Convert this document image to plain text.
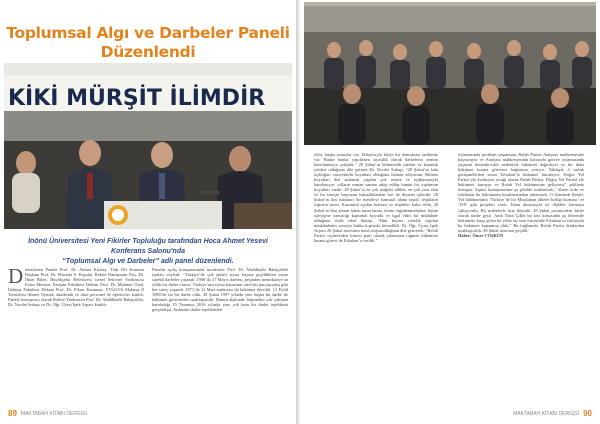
Toplumsal Algı ve Darbeler Paneli
Düzenlendi
KİKİ MÜRŞİT İLİMDİR
İnönü Üniversitesi Yeni Fikirler Topluluğu tarafından Hoca Ahmet Yesevi Konferans Salonu'nda
“Toplumsal Algı ve Darbeler” adlı panel düzenlendi.

Düzenlenen Panele Prof. Dr. Ahmet Kızılay, Türk Dil Kurumu Başkanı Prof. Dr. Mustafa S. Kaçalın, Rektör Danışmanı Doç. Dr. İlhan Bilen, Büyükşehir Belediyesi Genel Sekreter Yardımcısı Ertan Munzur, İletişim Fakültesi Dekanı Prof. Dr. Mahmut Önal, İlahiyat Fakültesi Dekanı Prof. Dr. Fikret Karaman, YTÜGVA Malatya İl Temsilcisi Ahmet Oymak, akademik ve idari personel ile öğrenciler katıldı. Panele konuşmacı olarak Rektör Yardımcısı Prof. Dr. Abdülkadir Babaçelebi, Dr. Necdet Subaşı ve Dr. Öğr. Üyesi İpek Arpacı katıldı.

Panelin açılış konuşmasında moderatör Prof. Dr. Abdülkadir Babaçelebi şunları söyledi: “Türkiye’de çok partili siyasi hayata geçildikten sonra sürekli darbeler yaşandı. 1960’da 27 Mayıs darbesi, peşinden memduraye on yıllık bir darbe oluyor. Türkiye’nin siyasi hayatının canlı bir parçasıymış gibi her süreç yaşandı. 1971’de 12 Mart muhtırası ile hükümet devrildi. 12 Eylül 1980’de ise bir darbe oldu. 28 Şubat 1997 yılında yine başka bir darbe ile hükümet görevinden uzaklaştırıldı. Bunun akabinde hepsinden çok yakınen hatırladığı 15 Temmuz 2016 yılında yine çok hain bir darbe teşebbüsü gerçekleşti. Ardından darbe teşebbüsleri

89 MAKTABAH KİTABI DERGİSİ

oldu, başka sonuçlar var. Dolayısıyla böyle bir demokrasi tarihimiz var. Bütün bunlar yapılırken siyasilik olarak darbelerin zemini hazırlanmaya çalışıldı.” 28 Şubat’ın bilinmedik yanları ve karanlık yönleri olduğunu dile getiren Dr. Necdet Subaşı, “28 Şubat’ın hala açıklığını vazıyetindir boyutları olduğunu tahmin ediyorum. Bilinen boyutları dizi anlamda yapılan çok sentez ve açıklamasıyla hatırlanıyor, yılların zaman zaman takip edilip bunun bir toplumun boyutları vardır. 28 Şubat’ta en çok mağdur edilen, en çok yara alan ve bu süreçte başvuran bakanlıklardan biri de diyanet işleridir. 28 Şubat’ın din istismarı bir meseleyi kamusal alana taşıdı, teşkilatın yapısını sarstı. Kurumsal açıdan hafızası ve tespitleri kalıcı oldu. 28 Şubat’ın dini alanın bütün unsurlarına, bütün örgütlenmelerine, bütün işleyişine yansıttığı kapsamlı boyutlu ve işgal edici bir müdahale olduğunu ifade eden Subaşı, “Dini hayata yönelik yapılan müdahalenin sonuçta bütün kuşlarda hissedildi. Dr. Öğr. Üyesi İpek Arpacı 28 Şubat sürecinin nasıl oluşturulduğunu dile getirerek, “Refah Partisi seçimlerden birinci parti olarak çıkmasına rağmen hükümeti kurma görevi de Erbakan’a verildi.”

oylamasında problem yaşanması Refah Partisi Anayasa mahkemesine başvuruyor ve Anayasa mahkemesinin kararıyla göreve oylamasında yaşayan dolandırıcılık nedeniyle hükümet dağıtılıyor ve bir daha hükümet kurma görevini başkasına veriyor. Yaklaşık 4 turluk görüşmelerden sonra Erbakan’la hükümet kuruluyor. Doğru Yol Partisi’yle koalisyon ortağı olarak Refah Partisi, Doğru Yol Partisi’yle hükümeti kuruyor ve Refah Yol hükümetine geliyoruz” şeklinde konuştu. Arpacı konuşmasının şu şekilde sonlandırdı: “Zaten ordu ve istihbarat bu hükümetin kurulmasından rahatsızdı. O dönemde Refah-Yol hükümetinin ‘Türkiye’de bir Müslüman ülkeler birliği kurması’ ve ‘D-8’ gibi projeleri vardı. İslam dünyasıyla iyi ilişkiler kurmaya çalışıyordu. Bu nedenlerle kriz büyüdü. 28 Şubat postmodern darbe olarak tarihe geçti. Anık Tuna Çiller bu kriz karşısında şu dönemde hükümete karşı gelen bu yıllar bu süre öncesinde Erbakan’ın istifasıyla bu hükümet kapanmış oldu.” Bu bağlamda, Refah Partisi iktidardan uzaklaştırıldı, 28 Şubat sürecine geçildi.

Haber: Ömer COŞKUN

MAKTABAH KİTABI DERGİSİ 90
